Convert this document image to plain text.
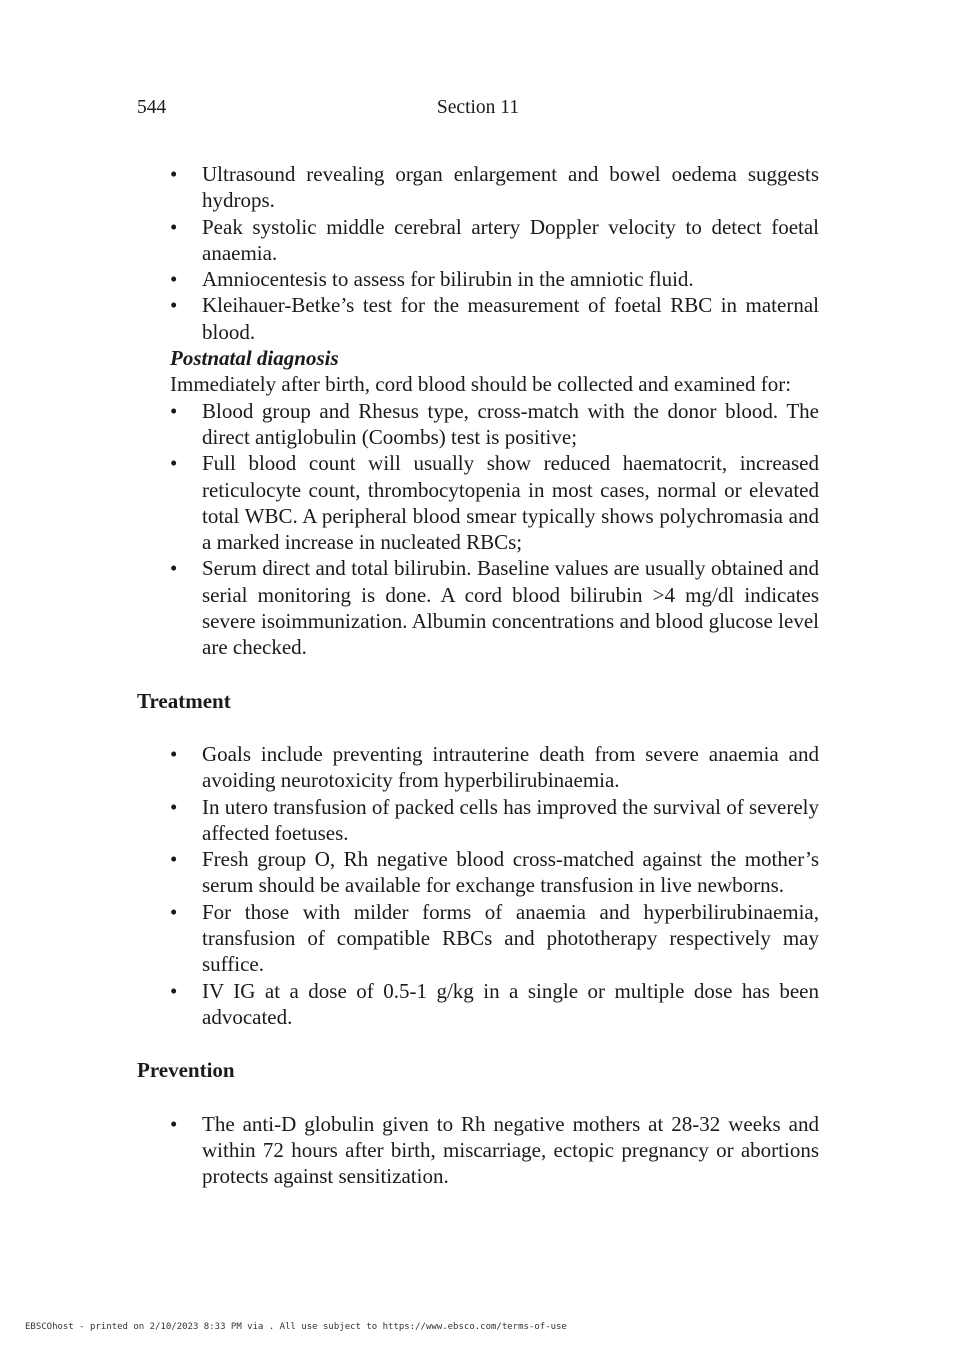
544	Section 11
• Ultrasound revealing organ enlargement and bowel oedema suggests hydrops.
• Peak systolic middle cerebral artery Doppler velocity to detect foetal anaemia.
• Amniocentesis to assess for bilirubin in the amniotic fluid.
• Kleihauer-Betke’s test for the measurement of foetal RBC in maternal blood.
Postnatal diagnosis
Immediately after birth, cord blood should be collected and examined for:
• Blood group and Rhesus type, cross-match with the donor blood. The direct antiglobulin (Coombs) test is positive;
• Full blood count will usually show reduced haematocrit, increased reticulocyte count, thrombocytopenia in most cases, normal or elevated total WBC. A peripheral blood smear typically shows polychromasia and a marked increase in nucleated RBCs;
• Serum direct and total bilirubin. Baseline values are usually obtained and serial monitoring is done. A cord blood bilirubin >4 mg/dl indicates severe isoimmunization. Albumin concentrations and blood glucose level are checked.
Treatment
• Goals include preventing intrauterine death from severe anaemia and avoiding neurotoxicity from hyperbilirubinaemia.
• In utero transfusion of packed cells has improved the survival of severely affected foetuses.
• Fresh group O, Rh negative blood cross-matched against the mother’s serum should be available for exchange transfusion in live newborns.
• For those with milder forms of anaemia and hyperbilirubinaemia, transfusion of compatible RBCs and phototherapy respectively may suffice.
• IV IG at a dose of 0.5-1 g/kg in a single or multiple dose has been advocated.
Prevention
• The anti-D globulin given to Rh negative mothers at 28-32 weeks and within 72 hours after birth, miscarriage, ectopic pregnancy or abortions protects against sensitization.
EBSCOhost - printed on 2/10/2023 8:33 PM via . All use subject to https://www.ebsco.com/terms-of-use
